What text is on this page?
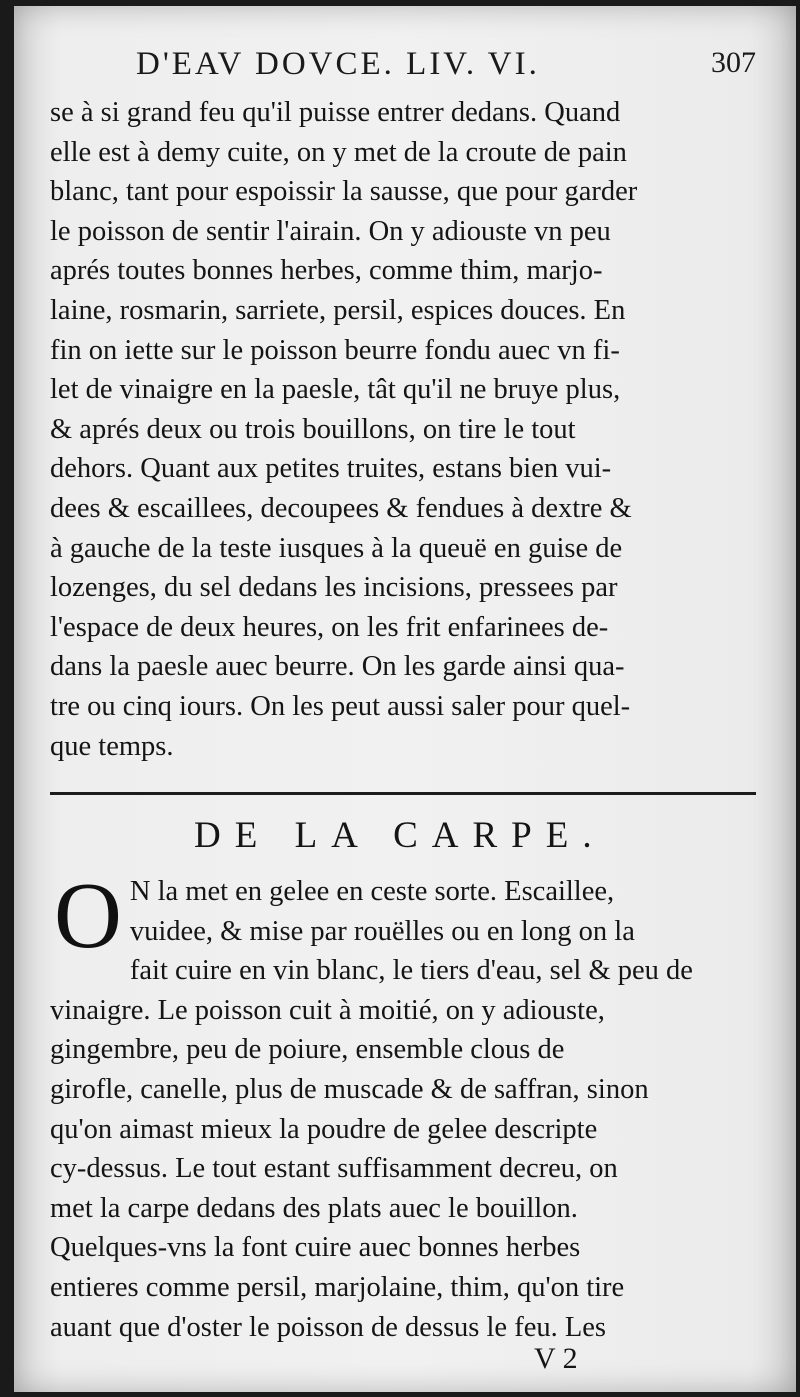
D'EAV DOVCE. LIV. VI.	307
se à si grand feu qu'il puisse entrer dedans. Quand
elle est à demy cuite, on y met de la croute de pain
blanc, tant pour espoissir la sausse, que pour garder
le poisson de sentir l'airain. On y adiouste vn peu
aprés toutes bonnes herbes, comme thim, marjo-
laine, rosmarin, sarriete, persil, espices douces. En
fin on iette sur le poisson beurre fondu auec vn fi-
let de vinaigre en la paesle, tât qu'il ne bruye plus,
& aprés deux ou trois bouillons, on tire le tout
dehors. Quant aux petites truites, estans bien vui-
dees & escaillees, decoupees & fendues à dextre &
à gauche de la teste iusques à la queuë en guise de
lozenges, du sel dedans les incisions, pressees par
l'espace de deux heures, on les frit enfarinees de-
dans la paesle auec beurre. On les garde ainsi qua-
tre ou cinq iours. On les peut aussi saler pour quel-
que temps.
DE LA CARPE.
O N la met en gelee en ceste sorte. Escaillee,
vuidee, & mise par rouëlles ou en long on la
fait cuire en vin blanc, le tiers d'eau, sel & peu de
vinaigre. Le poisson cuit à moitié, on y adiouste,
gingembre, peu de poiure, ensemble clous de
girofle, canelle, plus de muscade & de saffran, sinon
qu'on aimast mieux la poudre de gelee descripte
cy-dessus. Le tout estant suffisamment decreu, on
met la carpe dedans des plats auec le bouillon.
Quelques-vns la font cuire auec bonnes herbes
entieres comme persil, marjolaine, thim, qu'on tire
auant que d'oster le poisson de dessus le feu. Les
V 2
